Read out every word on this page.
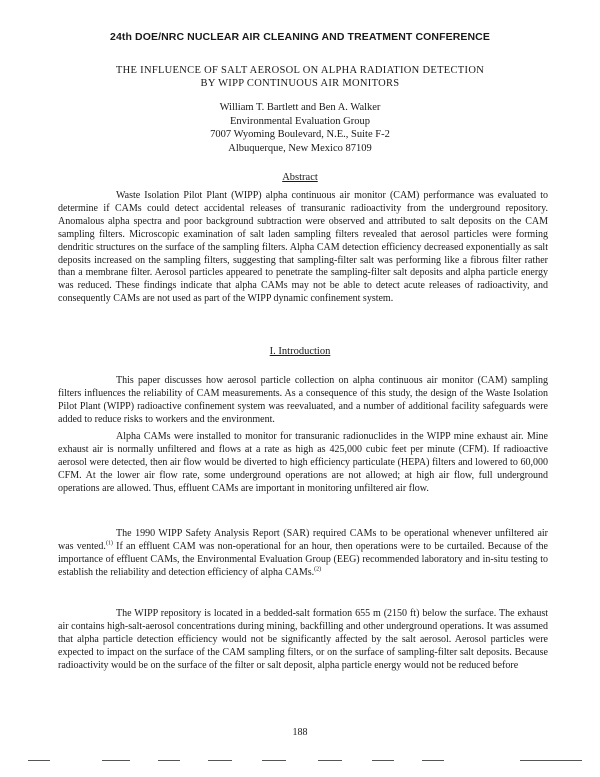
24th DOE/NRC NUCLEAR AIR CLEANING AND TREATMENT CONFERENCE
THE INFLUENCE OF SALT AEROSOL ON ALPHA RADIATION DETECTION
BY WIPP CONTINUOUS AIR MONITORS
William T. Bartlett and Ben A. Walker
Environmental Evaluation Group
7007 Wyoming Boulevard, N.E., Suite F-2
Albuquerque, New Mexico 87109
Abstract

Waste Isolation Pilot Plant (WIPP) alpha continuous air monitor (CAM) performance was evaluated to determine if CAMs could detect accidental releases of transuranic radioactivity from the underground repository. Anomalous alpha spectra and poor background subtraction were observed and attributed to salt deposits on the CAM sampling filters. Microscopic examination of salt laden sampling filters revealed that aerosol particles were forming dendritic structures on the surface of the sampling filters. Alpha CAM detection efficiency decreased exponentially as salt deposits increased on the sampling filters, suggesting that sampling-filter salt was performing like a fibrous filter rather than a membrane filter. Aerosol particles appeared to penetrate the sampling-filter salt deposits and alpha particle energy was reduced. These findings indicate that alpha CAMs may not be able to detect acute releases of radioactivity, and consequently CAMs are not used as part of the WIPP dynamic confinement system.

I. Introduction

This paper discusses how aerosol particle collection on alpha continuous air monitor (CAM) sampling filters influences the reliability of CAM measurements. As a consequence of this study, the design of the Waste Isolation Pilot Plant (WIPP) radioactive confinement system was reevaluated, and a number of additional facility safeguards were added to reduce risks to workers and the environment.

Alpha CAMs were installed to monitor for transuranic radionuclides in the WIPP mine exhaust air. Mine exhaust air is normally unfiltered and flows at a rate as high as 425,000 cubic feet per minute (CFM). If radioactive aerosol were detected, then air flow would be diverted to high efficiency particulate (HEPA) filters and lowered to 60,000 CFM. At the lower air flow rate, some underground operations are not allowed; at high air flow, full underground operations are allowed. Thus, effluent CAMs are important in monitoring unfiltered air flow.

The 1990 WIPP Safety Analysis Report (SAR) required CAMs to be operational whenever unfiltered air was vented.$^{(1)}$ If an effluent CAM was non-operational for an hour, then operations were to be curtailed. Because of the importance of effluent CAMs, the Environmental Evaluation Group (EEG) recommended laboratory and in-situ testing to establish the reliability and detection efficiency of alpha CAMs.$^{(2)}$

The WIPP repository is located in a bedded-salt formation 655 m (2150 ft) below the surface. The exhaust air contains high-salt-aerosol concentrations during mining, backfilling and other underground operations. It was assumed that alpha particle detection efficiency would not be significantly affected by the salt aerosol. Aerosol particles were expected to impact on the surface of the CAM sampling filters, or on the surface of sampling-filter salt deposits. Because radioactivity would be on the surface of the filter or salt deposit, alpha particle energy would not be reduced before

188
